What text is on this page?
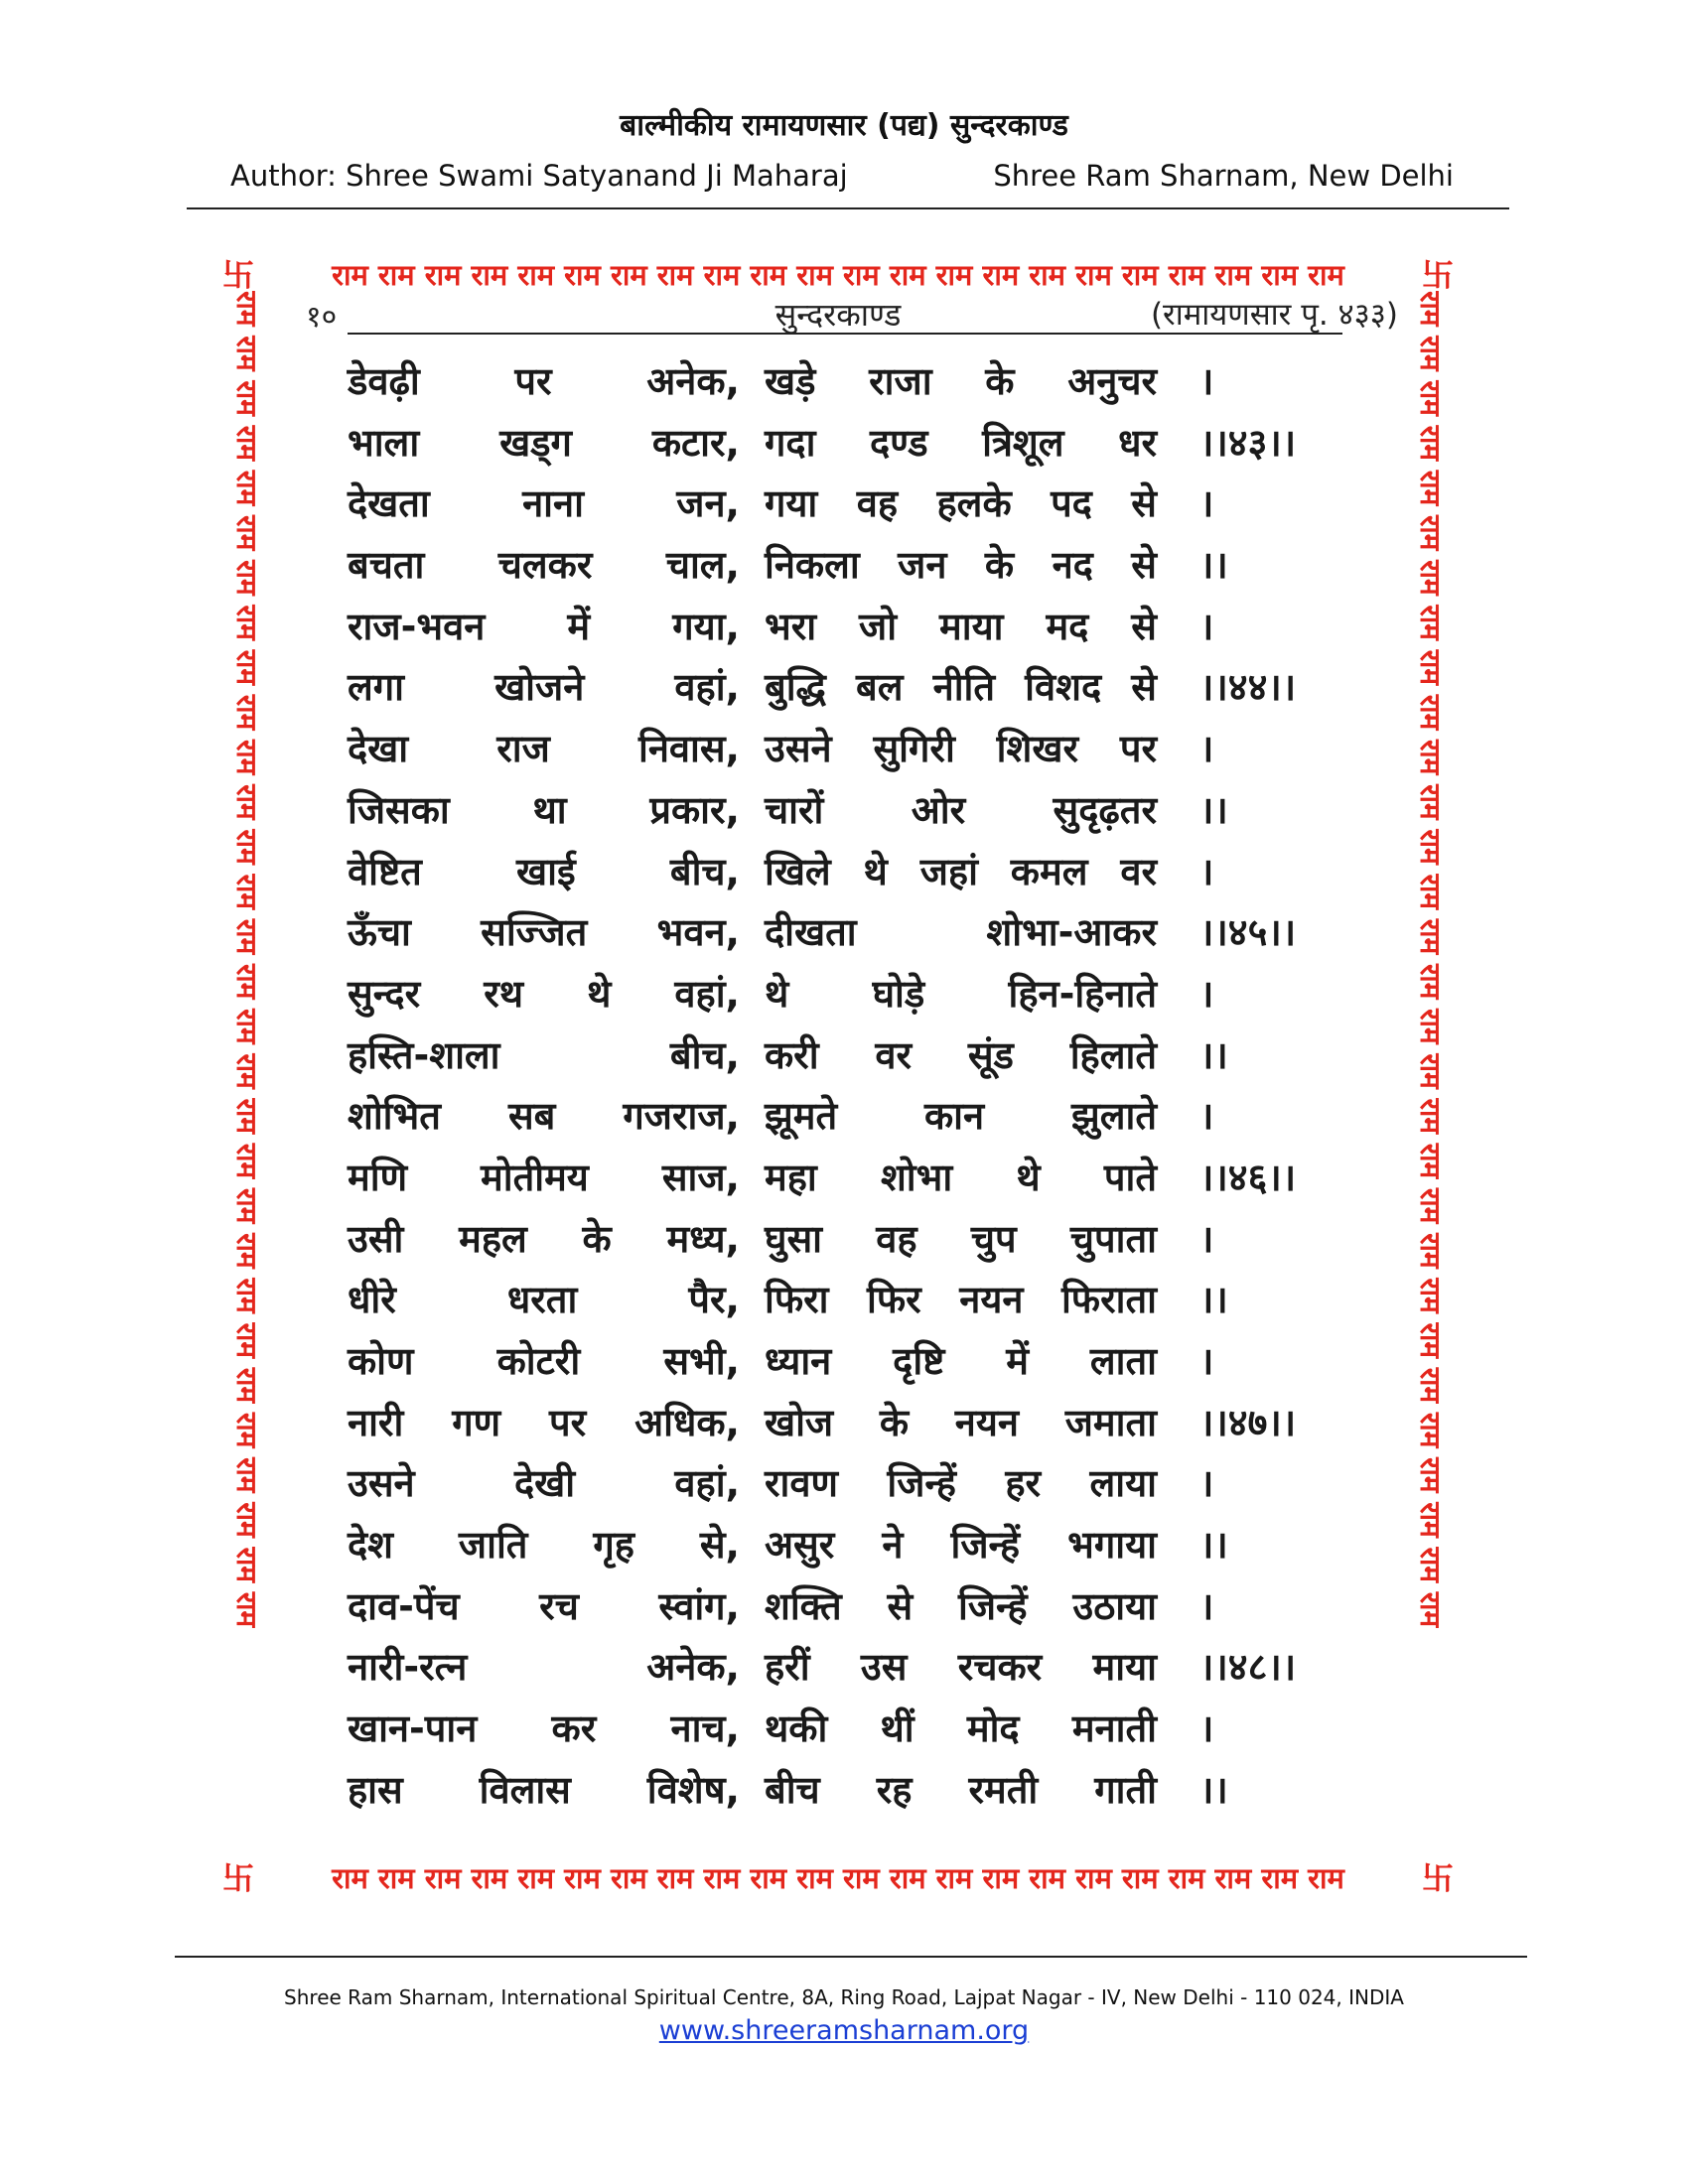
बाल्मीकीय रामायणसार (पद्य) सुन्दरकाण्ड
Author: Shree Swami Satyanand Ji Maharaj	Shree Ram Sharnam, New Delhi
राम राम राम राम राम राम राम राम राम राम राम राम राम राम राम राम राम राम राम राम राम राम
राम राम राम राम राम राम राम राम राम राम राम राम राम राम राम राम राम राम राम राम राम राम
राम राम राम राम राम राम राम राम राम राम राम राम राम राम राम राम राम राम राम राम राम राम राम राम राम राम राम राम राम राम	राम राम राम राम राम राम राम राम राम राम राम राम राम राम राम राम राम राम राम राम राम राम राम राम राम राम राम राम राम राम
卐	卐
卐	卐
१०	सुन्दरकाण्ड	(रामायणसार पृ. ४३३)
डेवढ़ी पर अनेक, खड़े राजा के अनुचर ।
भाला खड्ग कटार, गदा दण्ड त्रिशूल धर ।।४३।।
देखता नाना जन, गया वह हलके पद से ।
बचता चलकर चाल, निकला जन के नद से ।।
राज-भवन में गया, भरा जो माया मद से ।
लगा खोजने वहां, बुद्धि बल नीति विशद से ।।४४।।
देखा राज निवास, उसने सुगिरी शिखर पर ।
जिसका था प्रकार, चारों ओर सुदृढ़तर ।।
वेष्टित खाई बीच, खिले थे जहां कमल वर ।
ऊँचा सज्जित भवन, दीखता शोभा-आकर ।।४५।।
सुन्दर रथ थे वहां, थे घोड़े हिन-हिनाते ।
हस्ति-शाला बीच, करी वर सूंड हिलाते ।।
शोभित सब गजराज, झूमते कान झुलाते ।
मणि मोतीमय साज, महा शोभा थे पाते ।।४६।।
उसी महल के मध्य, घुसा वह चुप चुपाता ।
धीरे धरता पैर, फिरा फिर नयन फिराता ।।
कोण कोटरी सभी, ध्यान दृष्टि में लाता ।
नारी गण पर अधिक, खोज के नयन जमाता ।।४७।।
उसने देखी वहां, रावण जिन्हें हर लाया ।
देश जाति गृह से, असुर ने जिन्हें भगाया ।।
दाव-पेंच रच स्वांग, शक्ति से जिन्हें उठाया ।
नारी-रत्न अनेक, हरीं उस रचकर माया ।।४८।।
खान-पान कर नाच, थकी थीं मोद मनाती ।
हास विलास विशेष, बीच रह रमती गाती ।।
Shree Ram Sharnam, International Spiritual Centre, 8A, Ring Road, Lajpat Nagar - IV, New Delhi - 110 024, INDIA
www.shreeramsharnam.org
